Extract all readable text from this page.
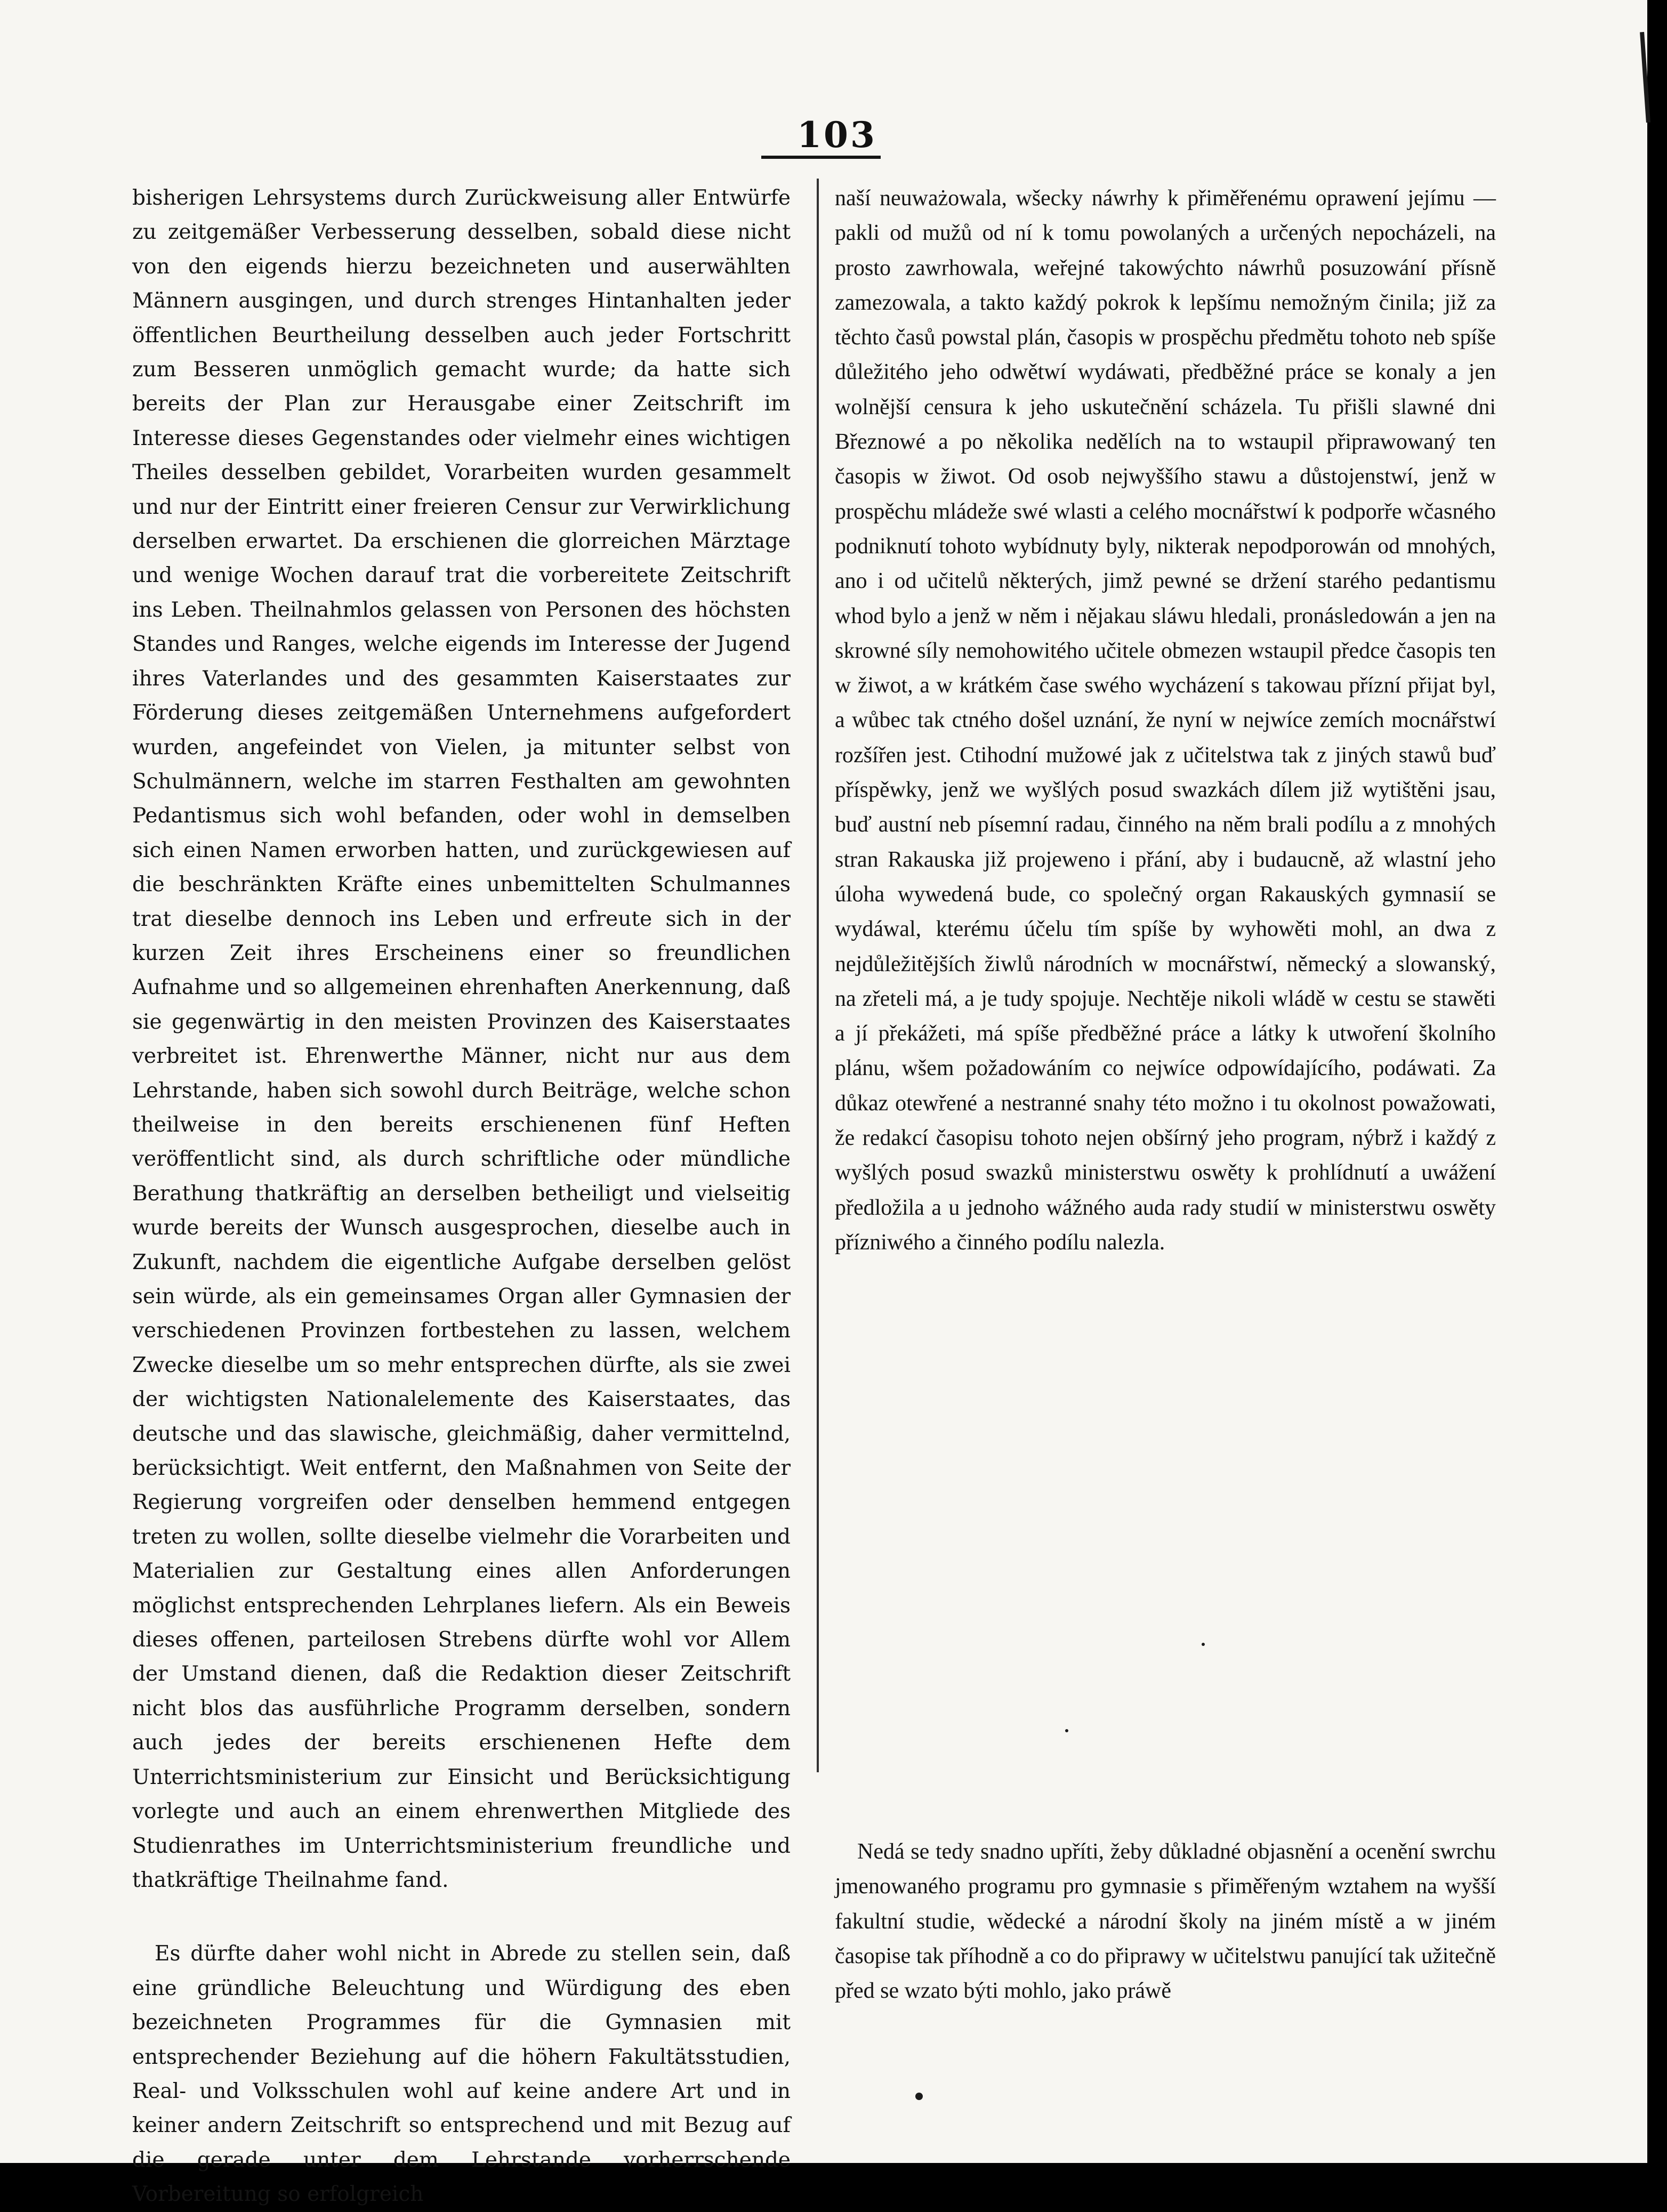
103

bisherigen Lehrsystems durch Zurückweisung aller Entwürfe zu zeitgemäßer Verbesserung desselben, sobald diese nicht von den eigends hierzu bezeichneten und auserwählten Männern ausgingen, und durch strenges Hintanhalten jeder öffentlichen Beurtheilung desselben auch jeder Fortschritt zum Besseren unmöglich gemacht wurde; da hatte sich bereits der Plan zur Herausgabe einer Zeitschrift im Interesse dieses Gegenstandes oder vielmehr eines wichtigen Theiles desselben gebildet, Vorarbeiten wurden gesammelt und nur der Eintritt einer freieren Censur zur Verwirklichung derselben erwartet. Da erschienen die glorreichen Märztage und wenige Wochen darauf trat die vorbereitete Zeitschrift ins Leben. Theilnahmlos gelassen von Personen des höchsten Standes und Ranges, welche eigends im Interesse der Jugend ihres Vaterlandes und des gesammten Kaiserstaates zur Förderung dieses zeitgemäßen Unternehmens aufgefordert wurden, angefeindet von Vielen, ja mitunter selbst von Schulmännern, welche im starren Festhalten am gewohnten Pedantismus sich wohl befanden, oder wohl in demselben sich einen Namen erworben hatten, und zurückgewiesen auf die beschränkten Kräfte eines unbemittelten Schulmannes trat dieselbe dennoch ins Leben und erfreute sich in der kurzen Zeit ihres Erscheinens einer so freundlichen Aufnahme und so allgemeinen ehrenhaften Anerkennung, daß sie gegenwärtig in den meisten Provinzen des Kaiserstaates verbreitet ist. Ehrenwerthe Männer, nicht nur aus dem Lehrstande, haben sich sowohl durch Beiträge, welche schon theilweise in den bereits erschienenen fünf Heften veröffentlicht sind, als durch schriftliche oder mündliche Berathung thatkräftig an derselben betheiligt und vielseitig wurde bereits der Wunsch ausgesprochen, dieselbe auch in Zukunft, nachdem die eigentliche Aufgabe derselben gelöst sein würde, als ein gemeinsames Organ aller Gymnasien der verschiedenen Provinzen fortbestehen zu lassen, welchem Zwecke dieselbe um so mehr entsprechen dürfte, als sie zwei der wichtigsten Nationalelemente des Kaiserstaates, das deutsche und das slawische, gleichmäßig, daher vermittelnd, berücksichtigt. Weit entfernt, den Maßnahmen von Seite der Regierung vorgreifen oder denselben hemmend entgegen treten zu wollen, sollte dieselbe vielmehr die Vorarbeiten und Materialien zur Gestaltung eines allen Anforderungen möglichst entsprechenden Lehrplanes liefern. Als ein Beweis dieses offenen, parteilosen Strebens dürfte wohl vor Allem der Umstand dienen, daß die Redaktion dieser Zeitschrift nicht blos das ausführliche Programm derselben, sondern auch jedes der bereits erschienenen Hefte dem Unterrichtsministerium zur Einsicht und Berücksichtigung vorlegte und auch an einem ehrenwerthen Mitgliede des Studienrathes im Unterrichtsministerium freundliche und thatkräftige Theilnahme fand.

Es dürfte daher wohl nicht in Abrede zu stellen sein, daß eine gründliche Beleuchtung und Würdigung des eben bezeichneten Programmes für die Gymnasien mit entsprechender Beziehung auf die höhern Fakultätsstudien, Real- und Volksschulen wohl auf keine andere Art und in keiner andern Zeitschrift so entsprechend und mit Bezug auf die gerade unter dem Lehrstande vorherrschende Vorbereitung so erfolgreich

naší neuważowala, wšecky náwrhy k přiměřenému oprawení jejímu — pakli od mužů od ní k tomu powolaných a určených nepocházeli, na prosto zawrhowala, weřejné takowýchto náwrhů posuzowání přísně zamezowala, a takto každý pokrok k lepšímu nemožným činila; již za těchto časů powstal plán, časopis w prospěchu předmětu tohoto neb spíše důležitého jeho odwětwí wydáwati, předběžné práce se konaly a jen wolnější censura k jeho uskutečnění scházela. Tu přišli slawné dni Březnowé a po několika nedělích na to wstaupil připrawowaný ten časopis w žiwot. Od osob nejwyššího stawu a důstojenstwí, jenž w prospěchu mládeže swé wlasti a celého mocnářstwí k podporře wčasného podniknutí tohoto wybídnuty byly, nikterak nepodporowán od mnohých, ano i od učitelů některých, jimž pewné se držení starého pedantismu whod bylo a jenž w něm i nějakau sláwu hledali, pronásledowán a jen na skrowné síly nemohowitého učitele obmezen wstaupil předce časopis ten w žiwot, a w krátkém čase swého wycházení s takowau přízní přijat byl, a wůbec tak ctného došel uznání, že nyní w nejwíce zemích mocnářstwí rozšířen jest. Ctihodní mužowé jak z učitelstwa tak z jiných stawů buď příspěwky, jenž we wyšlých posud swazkách dílem již wytištěni jsau, buď austní neb písemní radau, činného na něm brali podílu a z mnohých stran Rakauska již projeweno i přání, aby i budaucně, až wlastní jeho úloha wywedená bude, co společný organ Rakauských gymnasií se wydáwal, kterému účelu tím spíše by wyhowěti mohl, an dwa z nejdůležitějších žiwlů národních w mocnářstwí, německý a slowanský, na zřeteli má, a je tudy spojuje. Nechtěje nikoli wládě w cestu se stawěti a jí překážeti, má spíše předběžné práce a látky k utwoření školního plánu, wšem požadowáním co nejwíce odpowídajícího, podáwati. Za důkaz otewřené a nestranné snahy této možno i tu okolnost powažowati, že redakcí časopisu tohoto nejen obšírný jeho program, nýbrž i každý z wyšlých posud swazků ministerstwu oswěty k prohlídnutí a uwážení předložila a u jednoho wážného auda rady studií w ministerstwu oswěty přízniwého a činného podílu nalezla.

Nedá se tedy snadno upříti, žeby důkladné objasnění a ocenění swrchu jmenowaného programu pro gymnasie s přiměřeným wztahem na wyšší fakultní studie, wědecké a národní školy na jiném místě a w jiném časopise tak příhodně a co do připrawy w učitelstwu panující tak užitečně před se wzato býti mohlo, jako práwě
